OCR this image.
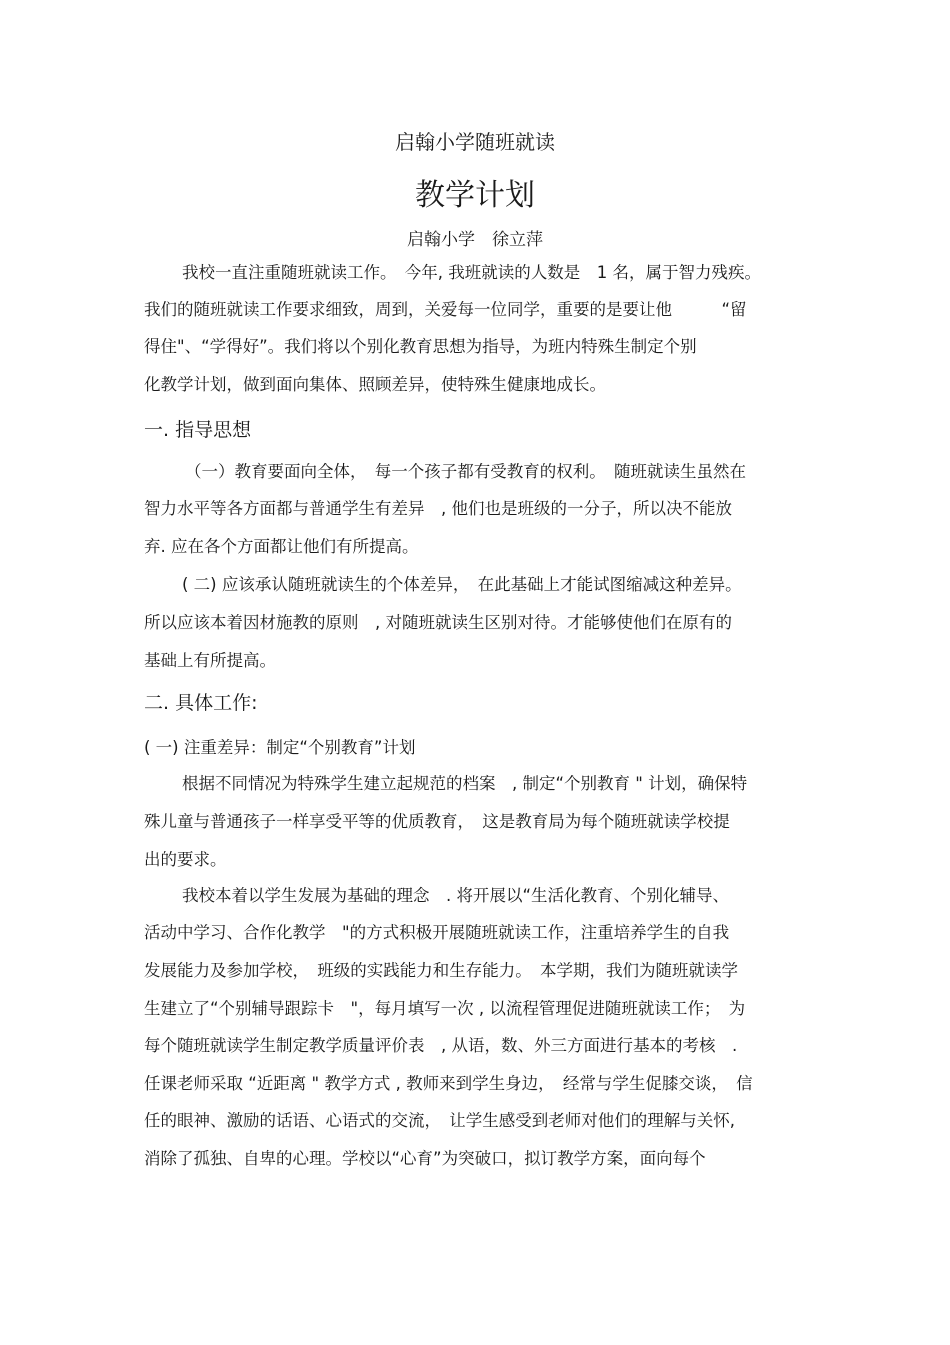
启翰小学随班就读
教学计划
启翰小学　徐立萍
我校一直注重随班就读工作。　今年, 我班就读的人数是　1 名，属于智力残疾。
我们的随班就读工作要求细致，周到，关爱每一位同学，重要的是要让他　　　“留
得住"、“学得好”。我们将以个别化教育思想为指导，为班内特殊生制定个别
化教学计划，做到面向集体、照顾差异，使特殊生健康地成长。
一. 指导思想
（一）教育要面向全体，　每一个孩子都有受教育的权利。　随班就读生虽然在
智力水平等各方面都与普通学生有差异　, 他们也是班级的一分子，所以决不能放
弃. 应在各个方面都让他们有所提高。
( 二) 应该承认随班就读生的个体差异，　在此基础上才能试图缩减这种差异。
所以应该本着因材施教的原则　, 对随班就读生区别对待。才能够使他们在原有的
基础上有所提高。
二. 具体工作:
( 一) 注重差异：制定“个别教育”计划
根据不同情况为特殊学生建立起规范的档案　, 制定“个别教育 " 计划，确保特
殊儿童与普通孩子一样享受平等的优质教育，　这是教育局为每个随班就读学校提
出的要求。
我校本着以学生发展为基础的理念　. 将开展以“生活化教育、个别化辅导、
活动中学习、合作化教学　"的方式积极开展随班就读工作，注重培养学生的自我
发展能力及参加学校，　班级的实践能力和生存能力。　本学期，我们为随班就读学
生建立了“个别辅导跟踪卡　"，每月填写一次 , 以流程管理促进随班就读工作；　为
每个随班就读学生制定教学质量评价表　, 从语，数、外三方面进行基本的考核　.
任课老师采取 “近距离 " 教学方式 , 教师来到学生身边，　经常与学生促膝交谈，　信
任的眼神、激励的话语、心语式的交流，　让学生感受到老师对他们的理解与关怀,
消除了孤独、自卑的心理。学校以“心育”为突破口，拟订教学方案，面向每个
